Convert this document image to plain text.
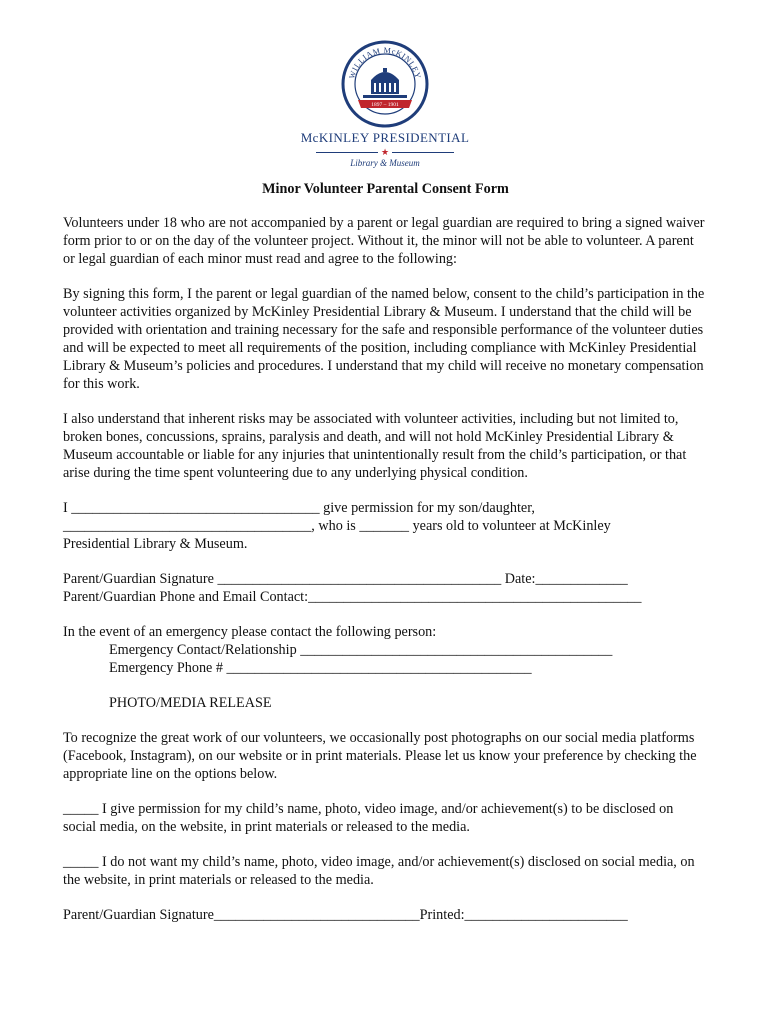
WILLIAM McKINLEY
1897 – 1901
McKINLEY PRESIDENTIAL
★
Library & Museum
Minor Volunteer Parental Consent Form

Volunteers under 18 who are not accompanied by a parent or legal guardian are required to bring a signed waiver form prior to or on the day of the volunteer project. Without it, the minor will not be able to volunteer. A parent or legal guardian of each minor must read and agree to the following:

By signing this form, I the parent or legal guardian of the named below, consent to the child’s participation in the volunteer activities organized by McKinley Presidential Library & Museum. I understand that the child will be provided with orientation and training necessary for the safe and responsible performance of the volunteer duties and will be expected to meet all requirements of the position, including compliance with McKinley Presidential Library & Museum’s policies and procedures. I understand that my child will receive no monetary compensation for this work.

I also understand that inherent risks may be associated with volunteer activities, including but not limited to, broken bones, concussions, sprains, paralysis and death, and will not hold McKinley Presidential Library & Museum accountable or liable for any injuries that unintentionally result from the child’s participation, or that arise during the time spent volunteering due to any underlying physical condition.

I ___________________________________ give permission for my son/daughter,
___________________________________, who is _______ years old to volunteer at McKinley
Presidential Library & Museum.
Parent/Guardian Signature ________________________________________ Date:_____________
Parent/Guardian Phone and Email Contact:_______________________________________________
In the event of an emergency please contact the following person:
Emergency Contact/Relationship ____________________________________________
Emergency Phone # ___________________________________________

PHOTO/MEDIA RELEASE

To recognize the great work of our volunteers, we occasionally post photographs on our social media platforms (Facebook, Instagram), on our website or in print materials. Please let us know your preference by checking the appropriate line on the options below.

_____ I give permission for my child’s name, photo, video image, and/or achievement(s) to be disclosed on social media, on the website, in print materials or released to the media.

_____ I do not want my child’s name, photo, video image, and/or achievement(s) disclosed on social media, on the website, in print materials or released to the media.

Parent/Guardian Signature_____________________________Printed:_______________________
